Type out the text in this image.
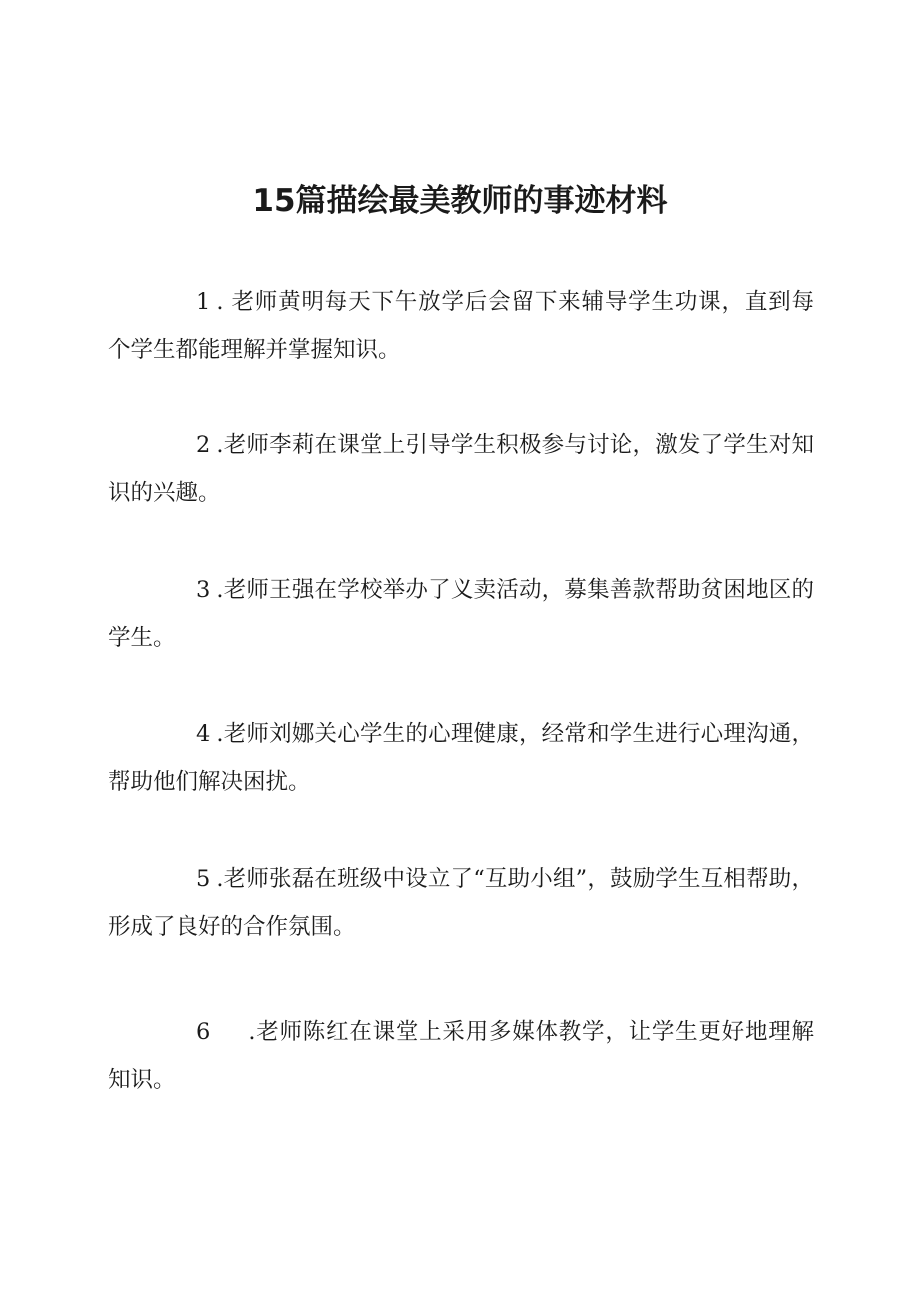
15篇描绘最美教师的事迹材料

1 . 老师黄明每天下午放学后会留下来辅导学生功课，直到每个学生都能理解并掌握知识。

2 .老师李莉在课堂上引导学生积极参与讨论，激发了学生对知识的兴趣。

3 .老师王强在学校举办了义卖活动，募集善款帮助贫困地区的学生。

4 .老师刘娜关心学生的心理健康，经常和学生进行心理沟通，帮助他们解决困扰。

5 .老师张磊在班级中设立了“互助小组”，鼓励学生互相帮助，形成了良好的合作氛围。

6 .老师陈红在课堂上采用多媒体教学，让学生更好地理解知识。
